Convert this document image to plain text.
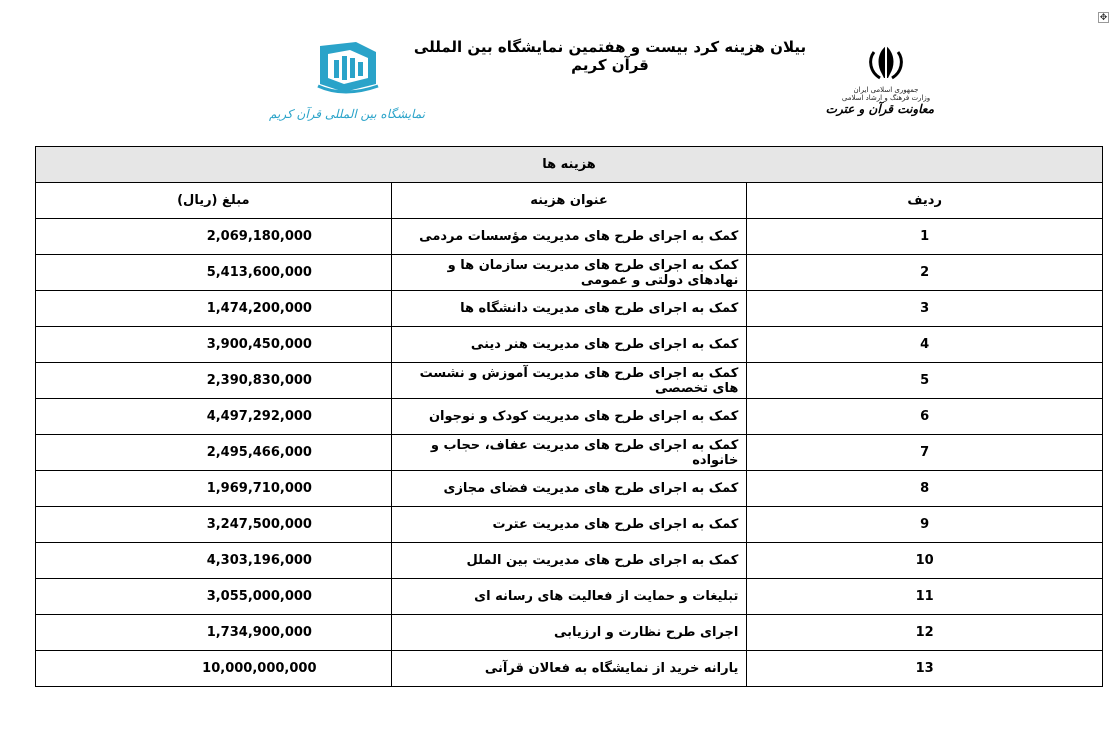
✥
بیلان هزینه کرد بیست و هفتمین نمایشگاه بین المللی قرآن کریم
نمایشگاه بین المللی قرآن کریم
جمهوری اسلامی ایران
وزارت فرهنگ و ارشاد اسلامی
معاونت قرآن و عترت
هزینه ها		
ردیف	عنوان هزینه	مبلغ (ریال)
1	کمک به اجرای طرح های مدیریت مؤسسات مردمی	2,069,180,000
2	کمک به اجرای طرح های مدیریت سازمان ها و نهادهای دولتی و عمومی	5,413,600,000
3	کمک به اجرای طرح های مدیریت دانشگاه ها	1,474,200,000
4	کمک به اجرای طرح های مدیریت هنر دینی	3,900,450,000
5	کمک به اجرای طرح های مدیریت آموزش و نشست های تخصصی	2,390,830,000
6	کمک به اجرای طرح های مدیریت کودک و نوجوان	4,497,292,000
7	کمک به اجرای طرح های مدیریت عفاف، حجاب و خانواده	2,495,466,000
8	کمک به اجرای طرح های مدیریت فضای مجازی	1,969,710,000
9	کمک به اجرای طرح های مدیریت عترت	3,247,500,000
10	کمک به اجرای طرح های مدیریت بین الملل	4,303,196,000
11	تبلیغات و حمایت از فعالیت های رسانه ای	3,055,000,000
12	اجرای طرح نظارت و ارزیابی	1,734,900,000
13	یارانه خرید از نمایشگاه به فعالان قرآنی	10,000,000,000
